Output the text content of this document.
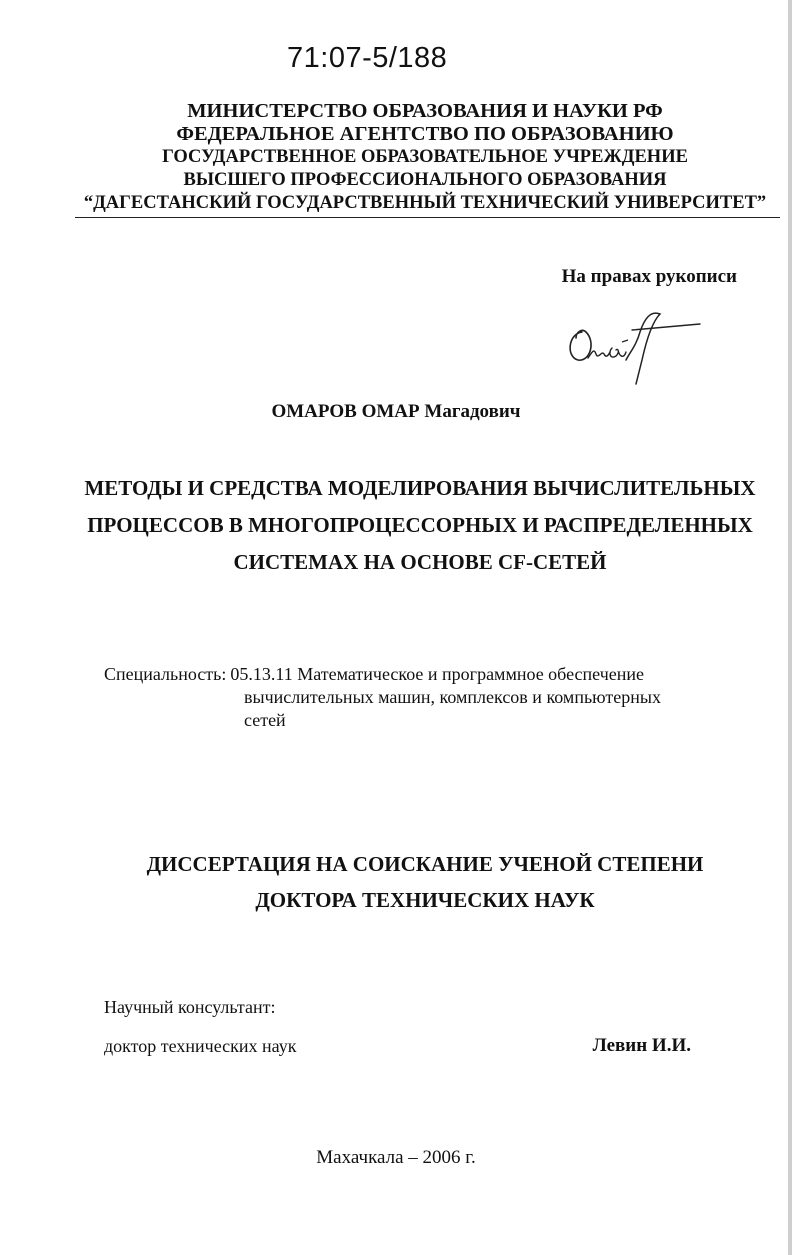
71:07-5/188
МИНИСТЕРСТВО ОБРАЗОВАНИЯ И НАУКИ РФ
ФЕДЕРАЛЬНОЕ АГЕНТСТВО ПО ОБРАЗОВАНИЮ
ГОСУДАРСТВЕННОЕ ОБРАЗОВАТЕЛЬНОЕ УЧРЕЖДЕНИЕ
ВЫСШЕГО ПРОФЕССИОНАЛЬНОГО ОБРАЗОВАНИЯ
“ДАГЕСТАНСКИЙ ГОСУДАРСТВЕННЫЙ ТЕХНИЧЕСКИЙ УНИВЕРСИТЕТ”
На правах рукописи
ОМАРОВ ОМАР Магадович
МЕТОДЫ И СРЕДСТВА МОДЕЛИРОВАНИЯ ВЫЧИСЛИТЕЛЬНЫХ
ПРОЦЕССОВ В МНОГОПРОЦЕССОРНЫХ И РАСПРЕДЕЛЕННЫХ
СИСТЕМАХ НА ОСНОВЕ CF-СЕТЕЙ
Специальность: 05.13.11 Математическое и программное обеспечение
вычислительных машин, комплексов и компьютерных
сетей
ДИССЕРТАЦИЯ НА СОИСКАНИЕ УЧЕНОЙ СТЕПЕНИ
ДОКТОРА ТЕХНИЧЕСКИХ НАУК
Научный консультант:
доктор технических наук	Левин И.И.
Махачкала – 2006 г.
